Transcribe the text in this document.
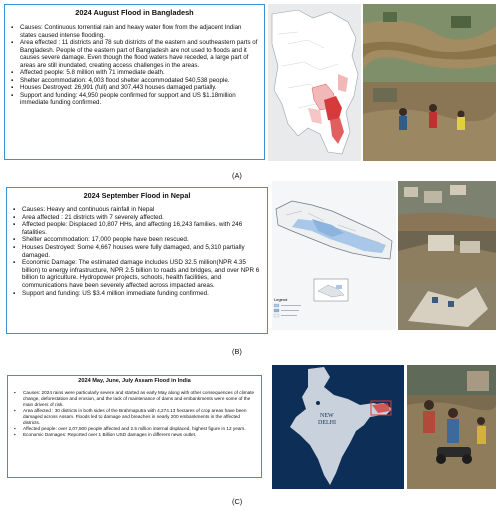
2024 August Flood in Bangladesh
▪ Causes: Continuous torrential rain and heavy water flow from the adjacent Indian states caused intense flooding.
▪ Area effected : 11 districts and 78 sub districts of the eastern and southeastern parts of Bangladesh. People of the eastern part of Bangladesh are not used to floods and it causes severe damage. Even though the flood waters have receded, a large part of areas are still inundated, creating access challenges in the areas.
▪ Affected people: 5.8 million with 71 immediate death.
▪ Shelter accommodation: 4,003 flood shelter accommodated 540,538 people.
▪ Houses Destroyed: 26,991 (full) and 307,443 houses damaged partially.
▪ Support and funding: 44,950 people confirmed for support and US $1.18million immediate funding confirmed.
(A)
2024 September Flood in Nepal
▪ Causes: Heavy and continuous rainfall in Nepal
▪ Area affected : 21 districts with 7 severely affected.
▪ Affected people: Displaced 10,807 HHs, and affecting 16,243 families. with 246 fatalities.
▪ Shelter accommodation: 17,000 people have been rescued.
▪ Houses Destroyed: Some 4,667 houses were fully damaged, and 5,310 partially damaged.
▪ Economic Damage: The estimated damage includes USD 32.5 million(NPR 4.35 billion) to energy infrastructure, NPR 2.5 billion to roads and bridges, and over NPR 6 billion to agriculture. Hydropower projects, schools, health facilities, and communications have been severely affected across impacted areas.
▪ Support and funding: US $3.4 million immediate funding confirmed.
Legend
(B)
2024 May, June, July Assam Flood in India
▪ Causes: 2024 rains were particularly severe and started as early May along with other consequences of climate change, deforestation and erosion, and the lack of maintenance of dams and embankments were some of the main drivers of risk.
▪ Area affected : 30 districts in both sides of the Brahmaputra with 4,274.13 hectares of crop areas have been damaged across Assam. Floods led to damage and breaches in nearly 200 embankments in the affected districts.
▪ Affected people: over 2,07,500 people affected and 2.5 million internal displaced, highest figure in 12 years.
▪ Economic Damages: Reported over 1 Billion USD damages in different news outlet.
NEW
DELHI
(C)
